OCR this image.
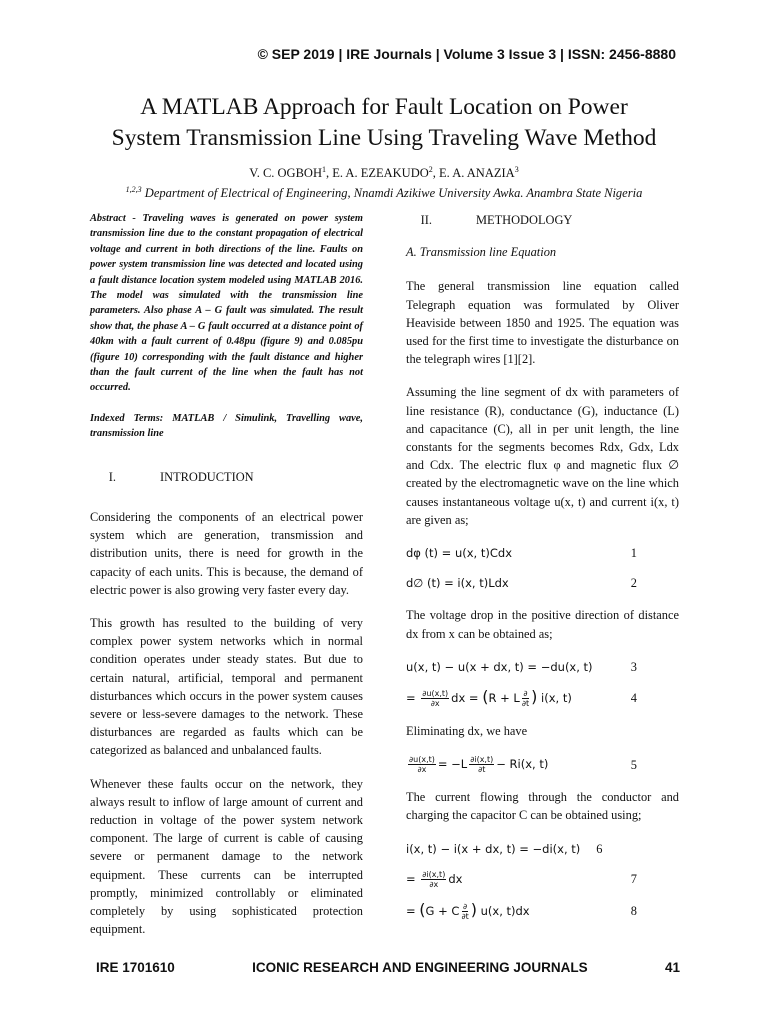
© SEP 2019 | IRE Journals | Volume 3 Issue 3 | ISSN: 2456-8880
A MATLAB Approach for Fault Location on Power
System Transmission Line Using Traveling Wave Method
V. C. OGBOH$^1$, E. A. EZEAKUDO$^2$, E. A. ANAZIA$^3$
$^{1,2,3}$ Department of Electrical of Engineering, Nnamdi Azikiwe University Awka. Anambra State Nigeria

Abstract - Traveling waves is generated on power system transmission line due to the constant propagation of electrical voltage and current in both directions of the line. Faults on power system transmission line was detected and located using a fault distance location system modeled using MATLAB 2016. The model was simulated with the transmission line parameters. Also phase A – G fault was simulated. The result show that, the phase A – G fault occurred at a distance point of 40km with a fault current of 0.48pu (figure 9) and 0.085pu (figure 10) corresponding with the fault distance and higher than the fault current of the line when the fault has not occurred.

Indexed Terms: MATLAB / Simulink, Travelling wave, transmission line

I.	INTRODUCTION

Considering the components of an electrical power system which are generation, transmission and distribution units, there is need for growth in the capacity of each units. This is because, the demand of electric power is also growing very faster every day.

This growth has resulted to the building of very complex power system networks which in normal condition operates under steady states. But due to certain natural, artificial, temporal and permanent disturbances which occurs in the power system causes severe or less-severe damages to the network. These disturbances are regarded as faults which can be categorized as balanced and unbalanced faults.

Whenever these faults occur on the network, they always result to inflow of large amount of current and reduction in voltage of the power system network component. The large of current is cable of causing severe or permanent damage to the network equipment. These currents can be interrupted promptly, minimized controllably or eliminated completely by using sophisticated protection equipment.

II.	METHODOLOGY

A. Transmission line Equation

The general transmission line equation called Telegraph equation was formulated by Oliver Heaviside between 1850 and 1925. The equation was used for the first time to investigate the disturbance on the telegraph wires [1][2].

Assuming the line segment of dx with parameters of line resistance (R), conductance (G), inductance (L) and capacitance (C), all in per unit length, the line constants for the segments becomes Rdx, Gdx, Ldx and Cdx. The electric flux φ and magnetic flux ∅ created by the electromagnetic wave on the line which causes instantaneous voltage u(x, t) and current i(x, t) are given as;

dφ (t) = u(x, t)Cdx	1
d∅ (t) = i(x, t)Ldx	2

The voltage drop in the positive direction of distance dx from x can be obtained as;

u(x, t) − u(x + dx, t) = −du(x, t)	3
= $\frac{\partial u(x,t)}{\partial x}$ dx = (R + L $\frac{\partial}{\partial t}$ ) i(x, t)	4

Eliminating dx, we have

$\frac{\partial u(x,t)}{\partial x} = -L \frac{\partial i(x,t)}{\partial t} - Ri(x$, t)	5

The current flowing through the conductor and charging the capacitor C can be obtained using;

i(x, t) − i(x + dx, t) = −di(x, t)	6
= $\frac{\partial i(x,t)}{\partial x}$ dx	7
= (G + C $\frac{\partial}{\partial t}$ ) u(x, t)dx	8
IRE 1701610	ICONIC RESEARCH AND ENGINEERING JOURNALS	41
